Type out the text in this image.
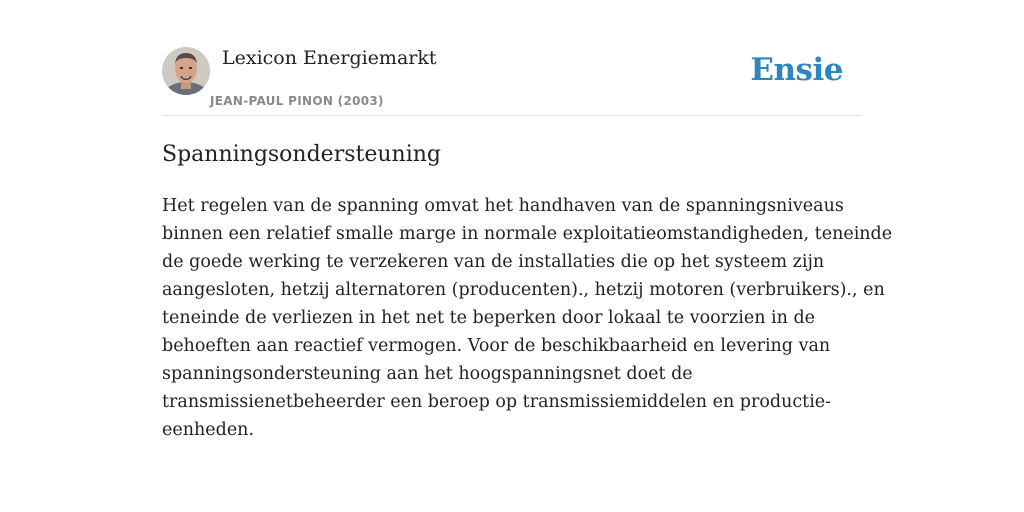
Lexicon Energiemarkt
JEAN-PAUL PINON (2003)
Ensie
Spanningsondersteuning

Het regelen van de spanning omvat het handhaven van de spanningsniveaus
binnen een relatief smalle marge in normale exploitatieomstandigheden, teneinde
de goede werking te verzekeren van de installaties die op het systeem zijn
aangesloten, hetzij alternatoren (producenten)., hetzij motoren (verbruikers)., en
teneinde de verliezen in het net te beperken door lokaal te voorzien in de
behoeften aan reactief vermogen. Voor de beschikbaarheid en levering van
spanningsondersteuning aan het hoogspanningsnet doet de
transmissienetbeheerder een beroep op transmissiemiddelen en productie-
eenheden.
